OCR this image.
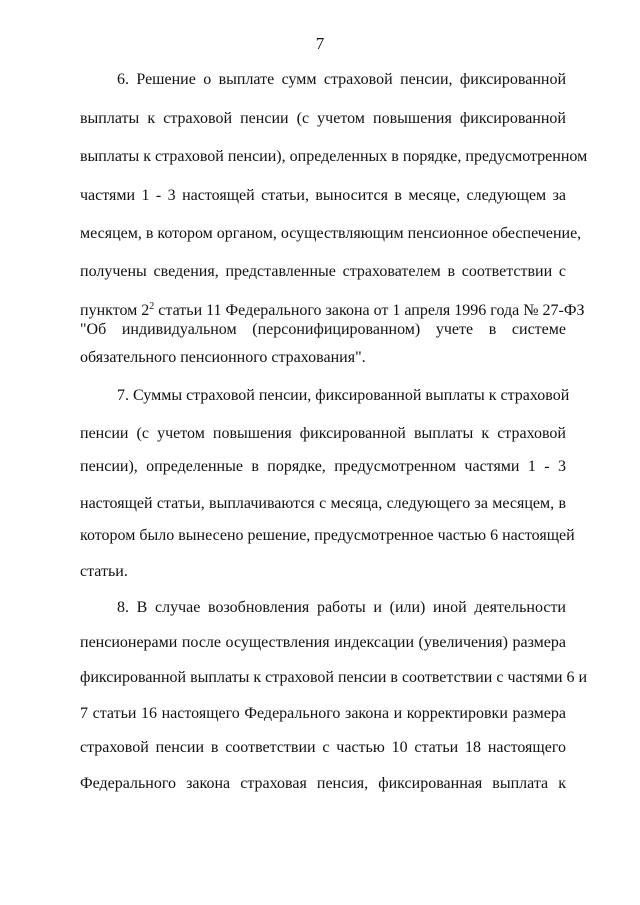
7
6. Решение о выплате сумм страховой пенсии, фиксированной
выплаты к страховой пенсии (с учетом повышения фиксированной
выплаты к страховой пенсии), определенных в порядке, предусмотренном
частями 1 - 3 настоящей статьи, выносится в месяце, следующем за
месяцем, в котором органом, осуществляющим пенсионное обеспечение,
получены сведения, представленные страхователем в соответствии с
пунктом $2^2$ статьи 11 Федерального закона от 1 апреля 1996 года № 27-ФЗ
"Об индивидуальном (персонифицированном) учете в системе
обязательного пенсионного страхования".
7. Суммы страховой пенсии, фиксированной выплаты к страховой
пенсии (с учетом повышения фиксированной выплаты к страховой
пенсии), определенные в порядке, предусмотренном частями 1 - 3
настоящей статьи, выплачиваются с месяца, следующего за месяцем, в
котором было вынесено решение, предусмотренное частью 6 настоящей
статьи.
8. В случае возобновления работы и (или) иной деятельности
пенсионерами после осуществления индексации (увеличения) размера
фиксированной выплаты к страховой пенсии в соответствии с частями 6 и
7 статьи 16 настоящего Федерального закона и корректировки размера
страховой пенсии в соответствии с частью 10 статьи 18 настоящего
Федерального закона страховая пенсия, фиксированная выплата к
